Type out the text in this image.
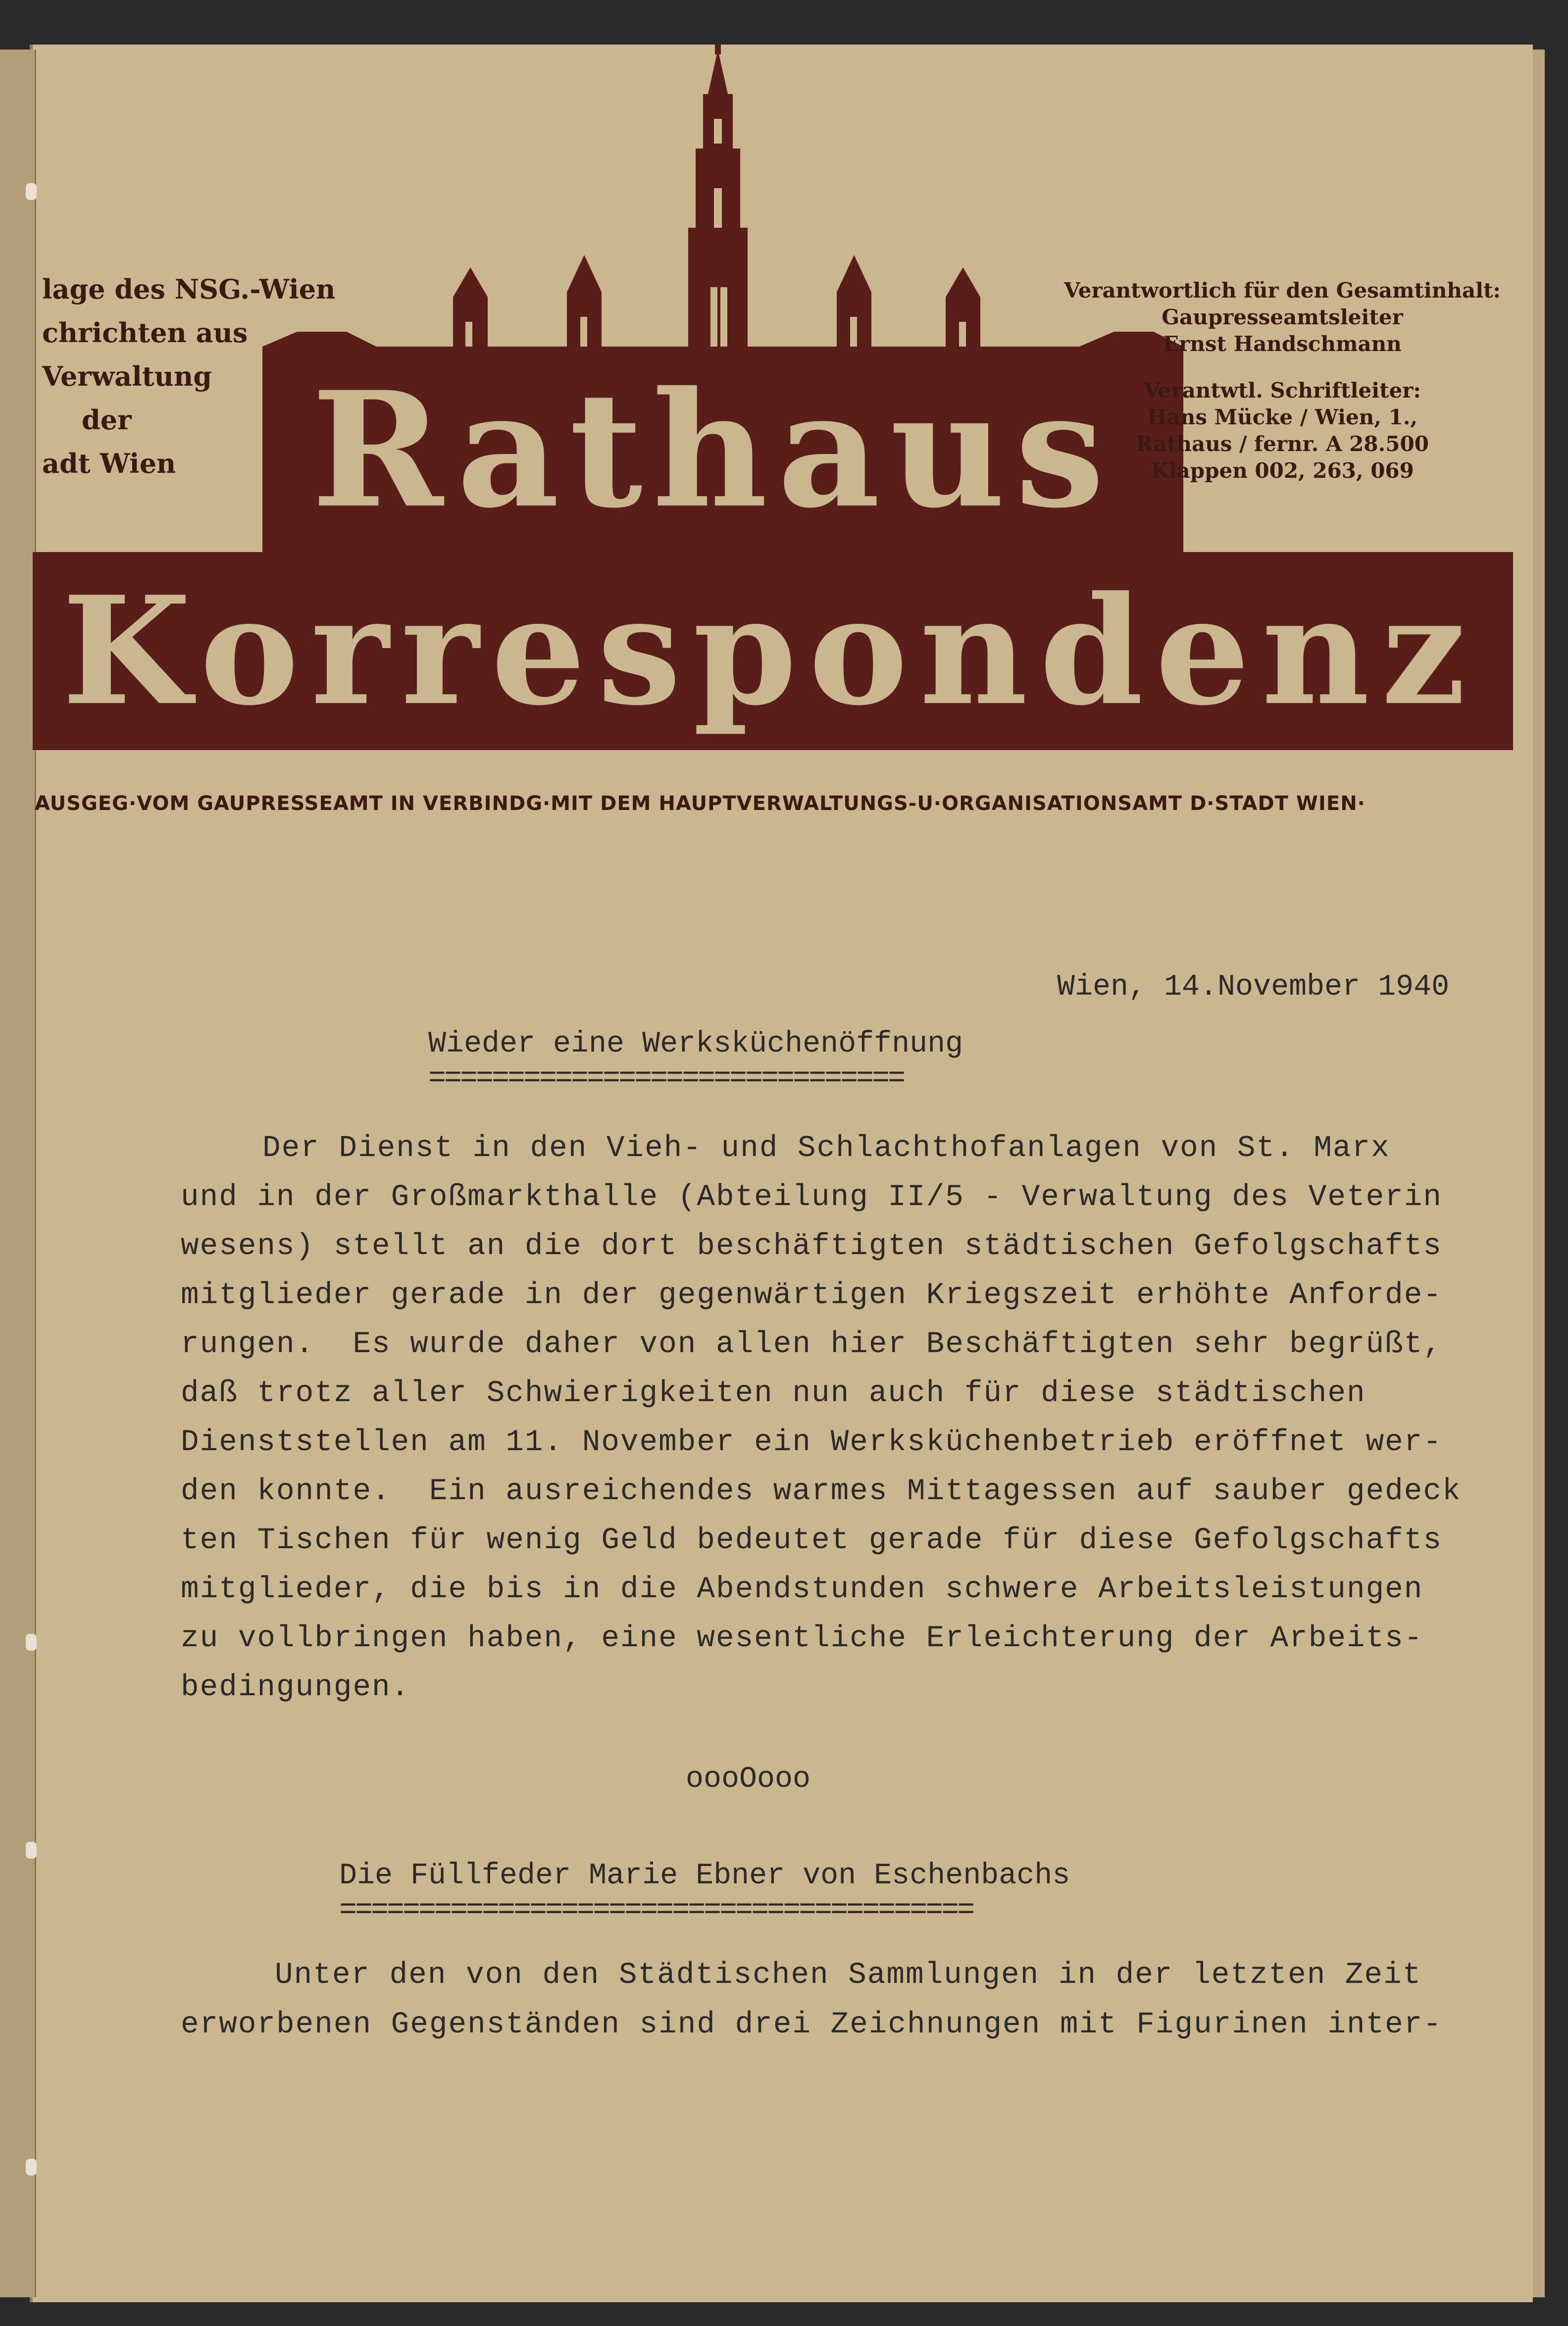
Rathaus
Korrespondenz
lage des NSG.-Wien
chrichten aus
Verwaltung
der
adt Wien
Verantwortlich für den Gesamtinhalt:
Gaupresseamtsleiter
Ernst Handschmann
Verantwtl. Schriftleiter:
Hans Mücke / Wien, 1.,
Rathaus / fernr. A 28.500
Klappen 002, 263, 069
AUSGEG·VOM GAUPRESSEAMT IN VERBINDG·MIT DEM HAUPTVERWALTUNGS-U·ORGANISATIONSAMT D·STADT WIEN·
Wien, 14.November 1940
Wieder eine Werksküchenöffnung
==============================
Der Dienst in den Vieh- und Schlachthofanlagen von St. Marx
und in der Großmarkthalle (Abteilung II/5 - Verwaltung des Veterin
wesens) stellt an die dort beschäftigten städtischen Gefolgschafts
mitglieder gerade in der gegenwärtigen Kriegszeit erhöhte Anforde-
rungen.  Es wurde daher von allen hier Beschäftigten sehr begrüßt,
daß trotz aller Schwierigkeiten nun auch für diese städtischen
Dienststellen am 11. November ein Werksküchenbetrieb eröffnet wer-
den konnte.  Ein ausreichendes warmes Mittagessen auf sauber gedeck
ten Tischen für wenig Geld bedeutet gerade für diese Gefolgschafts
mitglieder, die bis in die Abendstunden schwere Arbeitsleistungen
zu vollbringen haben, eine wesentliche Erleichterung der Arbeits-
bedingungen.
oooOooo
Die Füllfeder Marie Ebner von Eschenbachs
========================================
Unter den von den Städtischen Sammlungen in der letzten Zeit
erworbenen Gegenständen sind drei Zeichnungen mit Figurinen inter-
